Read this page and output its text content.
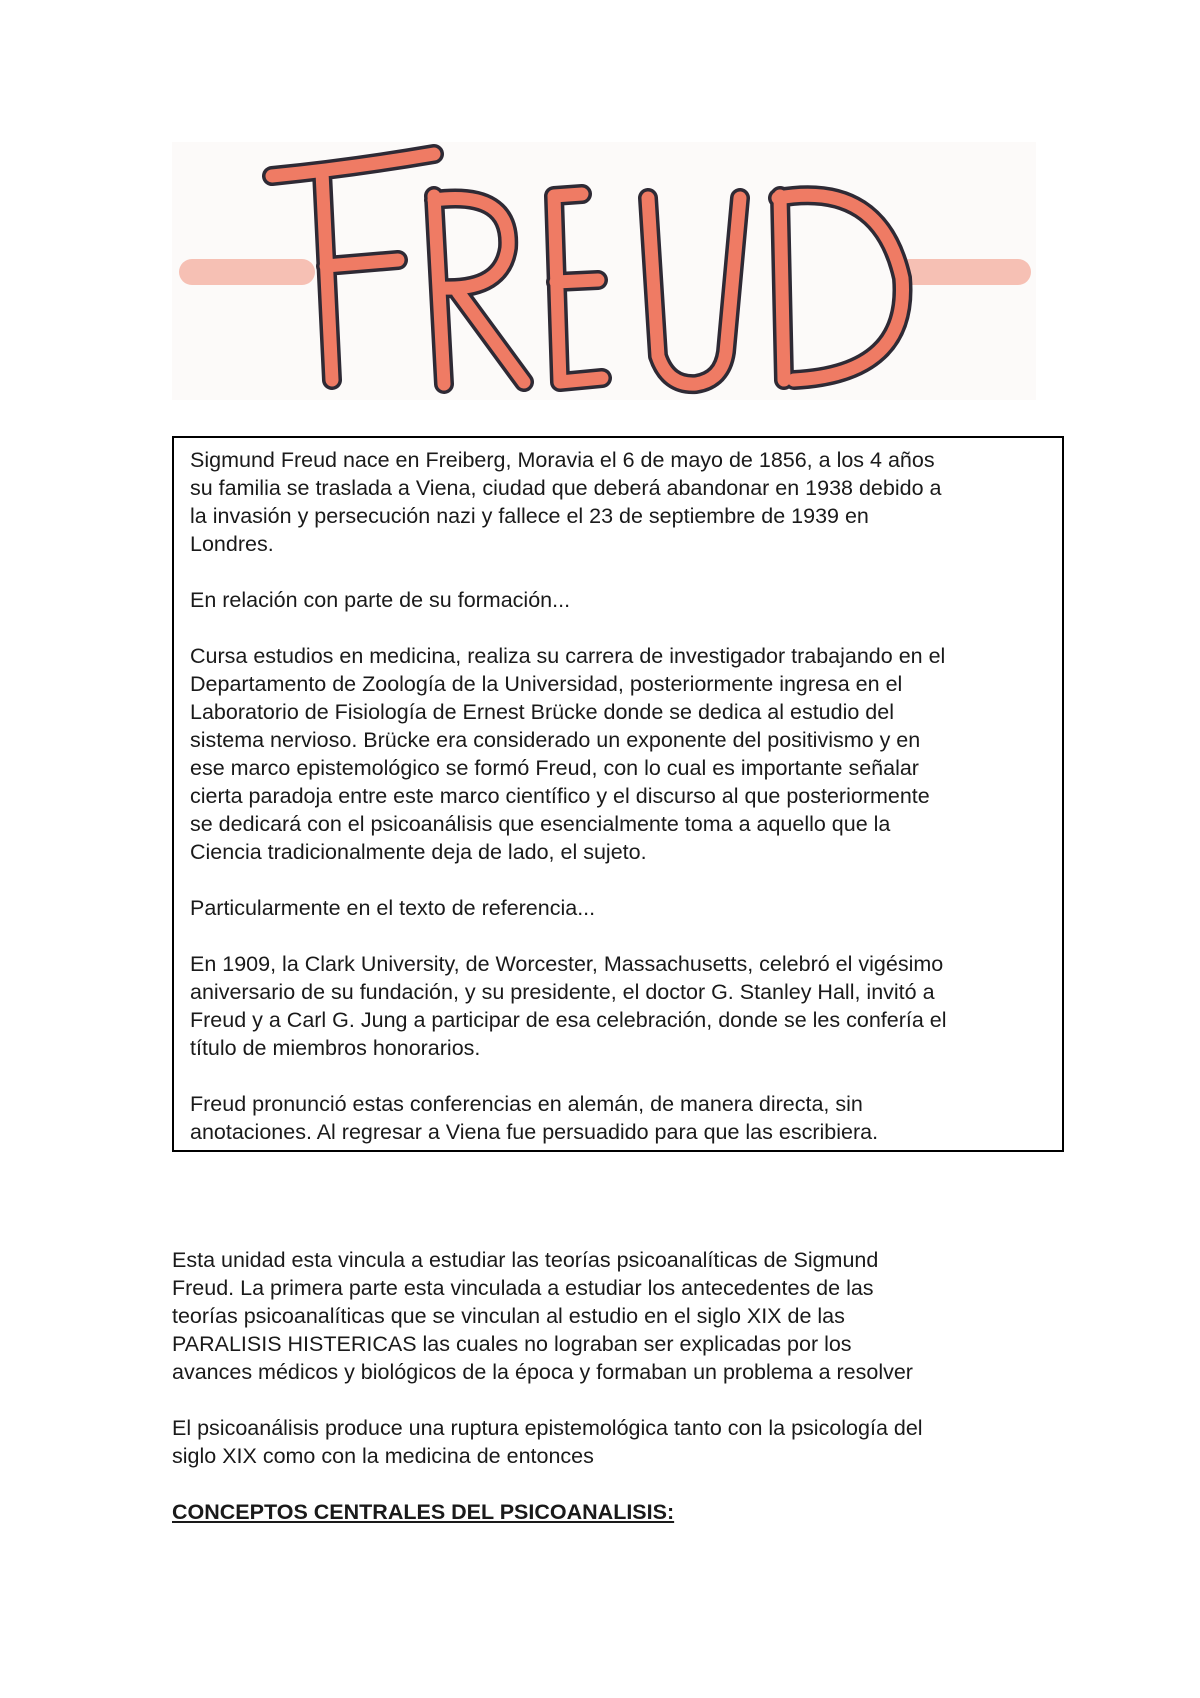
Sigmund Freud nace en Freiberg, Moravia el 6 de mayo de 1856, a los 4 años
su familia se traslada a Viena, ciudad que deberá abandonar en 1938 debido a
la invasión y persecución nazi y fallece el 23 de septiembre de 1939 en
Londres.

En relación con parte de su formación...

Cursa estudios en medicina, realiza su carrera de investigador trabajando en el
Departamento de Zoología de la Universidad, posteriormente ingresa en el
Laboratorio de Fisiología de Ernest Brücke donde se dedica al estudio del
sistema nervioso. Brücke era considerado un exponente del positivismo y en
ese marco epistemológico se formó Freud, con lo cual es importante señalar
cierta paradoja entre este marco científico y el discurso al que posteriormente
se dedicará con el psicoanálisis que esencialmente toma a aquello que la
Ciencia tradicionalmente deja de lado, el sujeto.

Particularmente en el texto de referencia...

En 1909, la Clark University, de Worcester, Massachusetts, celebró el vigésimo
aniversario de su fundación, y su presidente, el doctor G. Stanley Hall, invitó a
Freud y a Carl G. Jung a participar de esa celebración, donde se les confería el
título de miembros honorarios.

Freud pronunció estas conferencias en alemán, de manera directa, sin
anotaciones. Al regresar a Viena fue persuadido para que las escribiera.

Esta unidad esta vincula a estudiar las teorías psicoanalíticas de Sigmund
Freud. La primera parte esta vinculada a estudiar los antecedentes de las
teorías psicoanalíticas que se vinculan al estudio en el siglo XIX de las
PARALISIS HISTERICAS las cuales no lograban ser explicadas por los
avances médicos y biológicos de la época y formaban un problema a resolver

El psicoanálisis produce una ruptura epistemológica tanto con la psicología del
siglo XIX como con la medicina de entonces

CONCEPTOS CENTRALES DEL PSICOANALISIS:
